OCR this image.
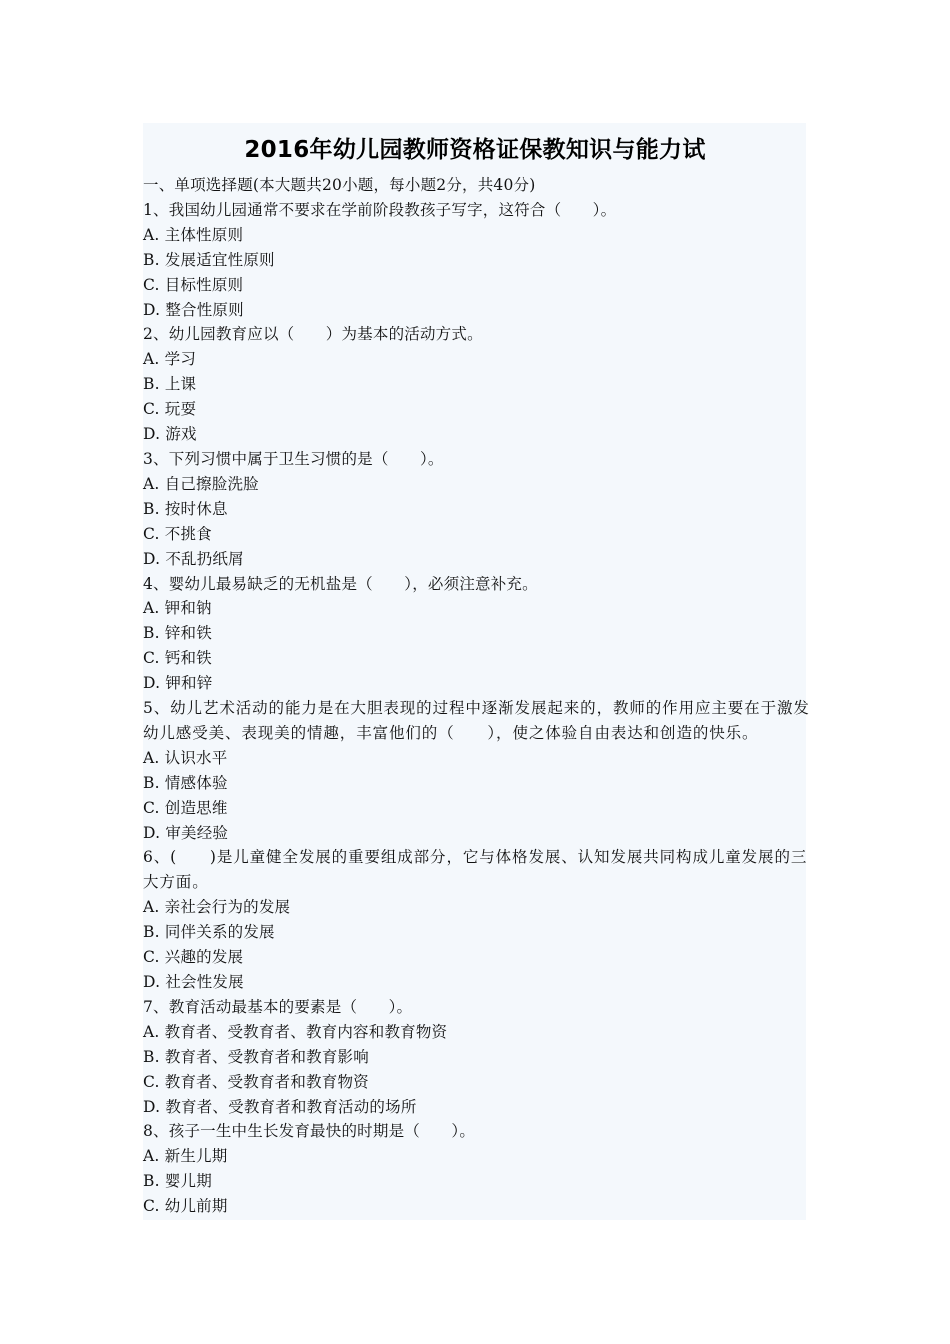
2016年幼儿园教师资格证保教知识与能力试
一、单项选择题(本大题共20小题，每小题2分，共40分)
1、我国幼儿园通常不要求在学前阶段教孩子写字，这符合（　　）。
A. 主体性原则
B. 发展适宜性原则
C. 目标性原则
D. 整合性原则
2、幼儿园教育应以（　　）为基本的活动方式。
A. 学习
B. 上课
C. 玩耍
D. 游戏
3、下列习惯中属于卫生习惯的是（　　）。
A. 自己擦脸洗脸
B. 按时休息
C. 不挑食
D. 不乱扔纸屑
4、婴幼儿最易缺乏的无机盐是（　　），必须注意补充。
A. 钾和钠
B. 锌和铁
C. 钙和铁
D. 钾和锌
5、幼儿艺术活动的能力是在大胆表现的过程中逐渐发展起来的，教师的作用应主要在于激发幼儿感受美、表现美的情趣，丰富他们的（　　），使之体验自由表达和创造的快乐。
A. 认识水平
B. 情感体验
C. 创造思维
D. 审美经验
6、(　　)是儿童健全发展的重要组成部分，它与体格发展、认知发展共同构成儿童发展的三大方面。
A. 亲社会行为的发展
B. 同伴关系的发展
C. 兴趣的发展
D. 社会性发展
7、教育活动最基本的要素是（　　）。
A. 教育者、受教育者、教育内容和教育物资
B. 教育者、受教育者和教育影响
C. 教育者、受教育者和教育物资
D. 教育者、受教育者和教育活动的场所
8、孩子一生中生长发育最快的时期是（　　）。
A. 新生儿期
B. 婴儿期
C. 幼儿前期
